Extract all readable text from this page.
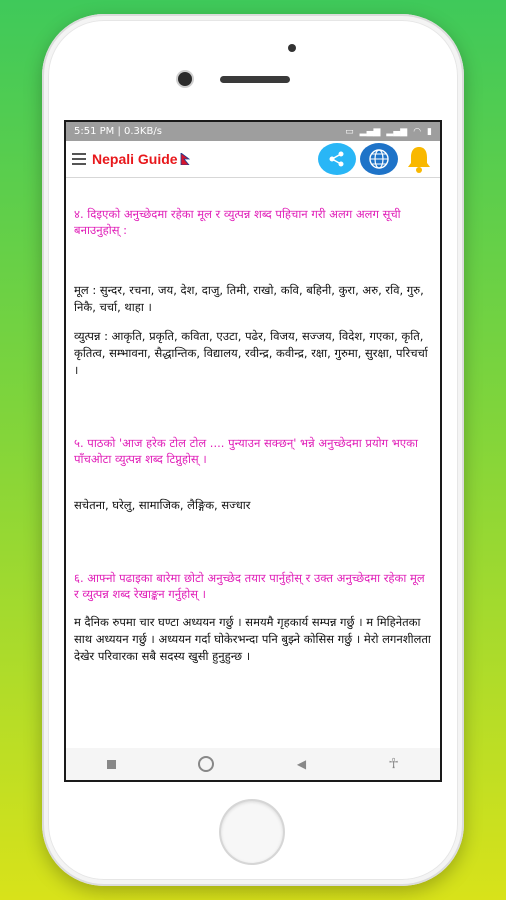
5:51 PM | 0.3KB/s	▭ ▂▄▆ ▂▄▆ ◠ ▮
Nepali Guide

४. दिइएको अनुच्छेदमा रहेका मूल र व्युत्पन्न शब्द पहिचान गरी अलग अलग सूची बनाउनुहोस् :

मूल : सुन्दर, रचना, जय, देश, दाजु, तिमी, राखो, कवि, बहिनी, कुरा, अरु, रवि, गुरु, निकै, चर्चा, थाहा ।

व्युत्पन्न : आकृति, प्रकृति, कविता, एउटा, पढेर, विजय, सज्जय, विदेश, गएका, कृति, कृतित्व, सम्भावना, सैद्धान्तिक, विद्यालय, रवीन्द्र, कवीन्द्र, रक्षा, गुरुमा, सुरक्षा, परिचर्चा ।

५. पाठको 'आज हरेक टोल टोल .... पुन्याउन सक्छन्' भन्ने अनुच्छेदमा प्रयोग भएका पाँचओटा व्युत्पन्न शब्द टिप्नुहोस् ।

सचेतना, घरेलु, सामाजिक, लैङ्गिक, सज्धार

६. आफ्नो पढाइका बारेमा छोटो अनुच्छेद तयार पार्नुहोस् र उक्त अनुच्छेदमा रहेका मूल र व्युत्पन्न शब्द रेखाङ्कन गर्नुहोस् ।

म दैनिक रुपमा चार घण्टा अध्ययन गर्छु । समयमै गृहकार्य सम्पन्न गर्छु । म मिहिनेतका साथ अध्ययन गर्छु । अध्ययन गर्दा घोकेरभन्दा पनि बुझ्ने कोसिस गर्छु । मेरो लगनशीलता देखेर परिवारका सबै सदस्य खुसी हुनुहुन्छ ।

◀	☥
